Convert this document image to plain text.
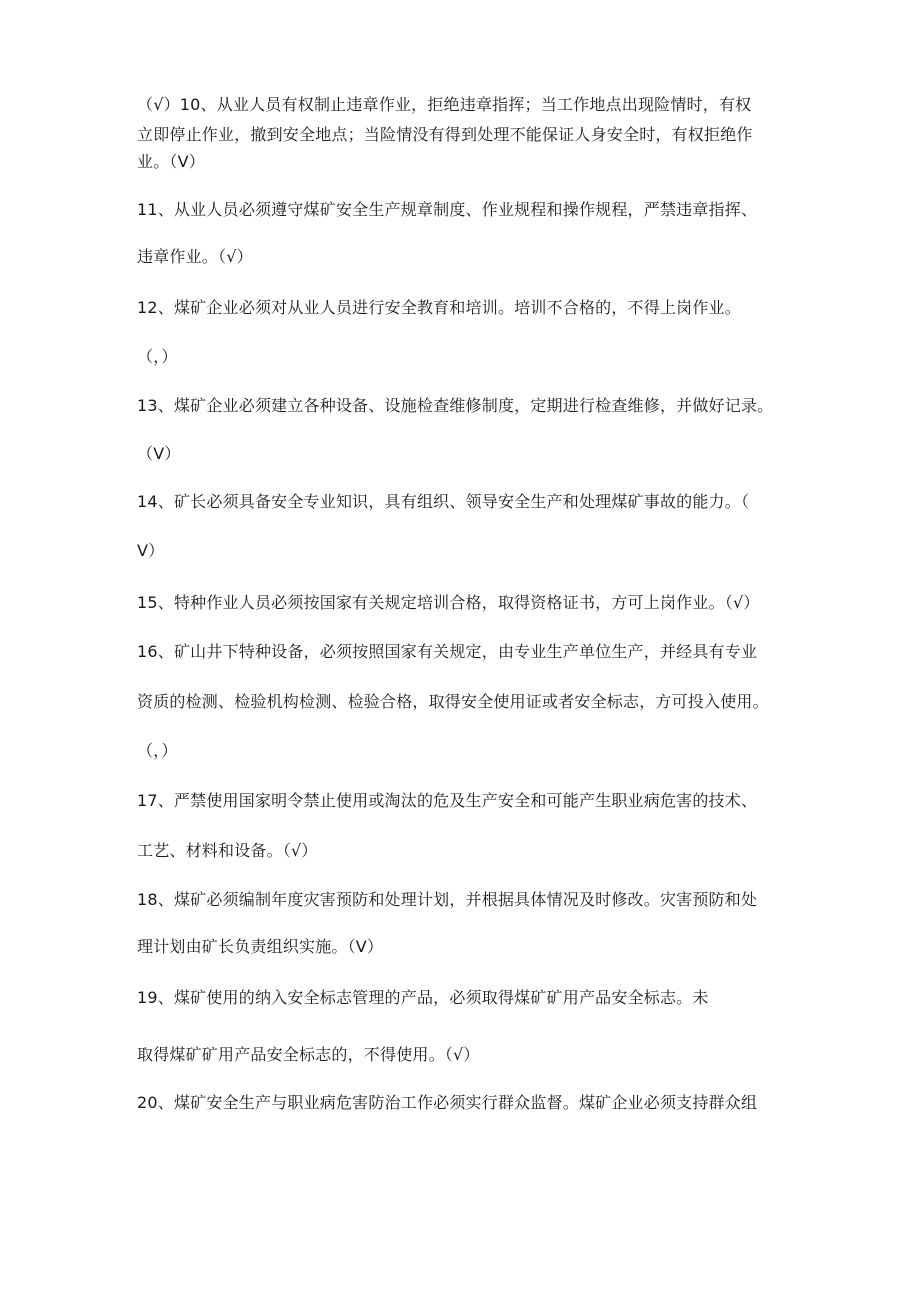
（√）10、从业人员有权制止违章作业，拒绝违章指挥；当工作地点出现险情时，有权
立即停止作业，撤到安全地点；当险情没有得到处理不能保证人身安全时，有权拒绝作
业。（V）
11、从业人员必须遵守煤矿安全生产规章制度、作业规程和操作规程，严禁违章指挥、
违章作业。（√）
12、煤矿企业必须对从业人员进行安全教育和培训。培训不合格的，不得上岗作业。
（，）
13、煤矿企业必须建立各种设备、设施检查维修制度，定期进行检查维修，并做好记录。
（V）
14、矿长必须具备安全专业知识，具有组织、领导安全生产和处理煤矿事故的能力。（
V）
15、特种作业人员必须按国家有关规定培训合格，取得资格证书，方可上岗作业。（√）
16、矿山井下特种设备，必须按照国家有关规定，由专业生产单位生产，并经具有专业
资质的检测、检验机构检测、检验合格，取得安全使用证或者安全标志，方可投入使用。
（，）
17、严禁使用国家明令禁止使用或淘汰的危及生产安全和可能产生职业病危害的技术、
工艺、材料和设备。（√）
18、煤矿必须编制年度灾害预防和处理计划，并根据具体情况及时修改。灾害预防和处
理计划由矿长负责组织实施。（V）
19、煤矿使用的纳入安全标志管理的产品，必须取得煤矿矿用产品安全标志。未
取得煤矿矿用产品安全标志的，不得使用。（√）
20、煤矿安全生产与职业病危害防治工作必须实行群众监督。煤矿企业必须支持群众组
